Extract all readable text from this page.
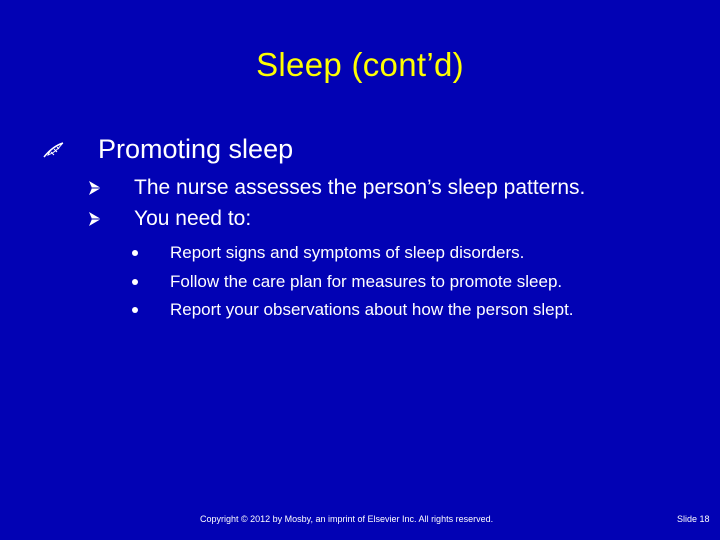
Sleep (cont’d)
Promoting sleep
The nurse assesses the person’s sleep patterns.
You need to:
Report signs and symptoms of sleep disorders.
Follow the care plan for measures to promote sleep.
Report your observations about how the person slept.
Copyright © 2012 by Mosby, an imprint of Elsevier Inc. All rights reserved.	Slide 18
